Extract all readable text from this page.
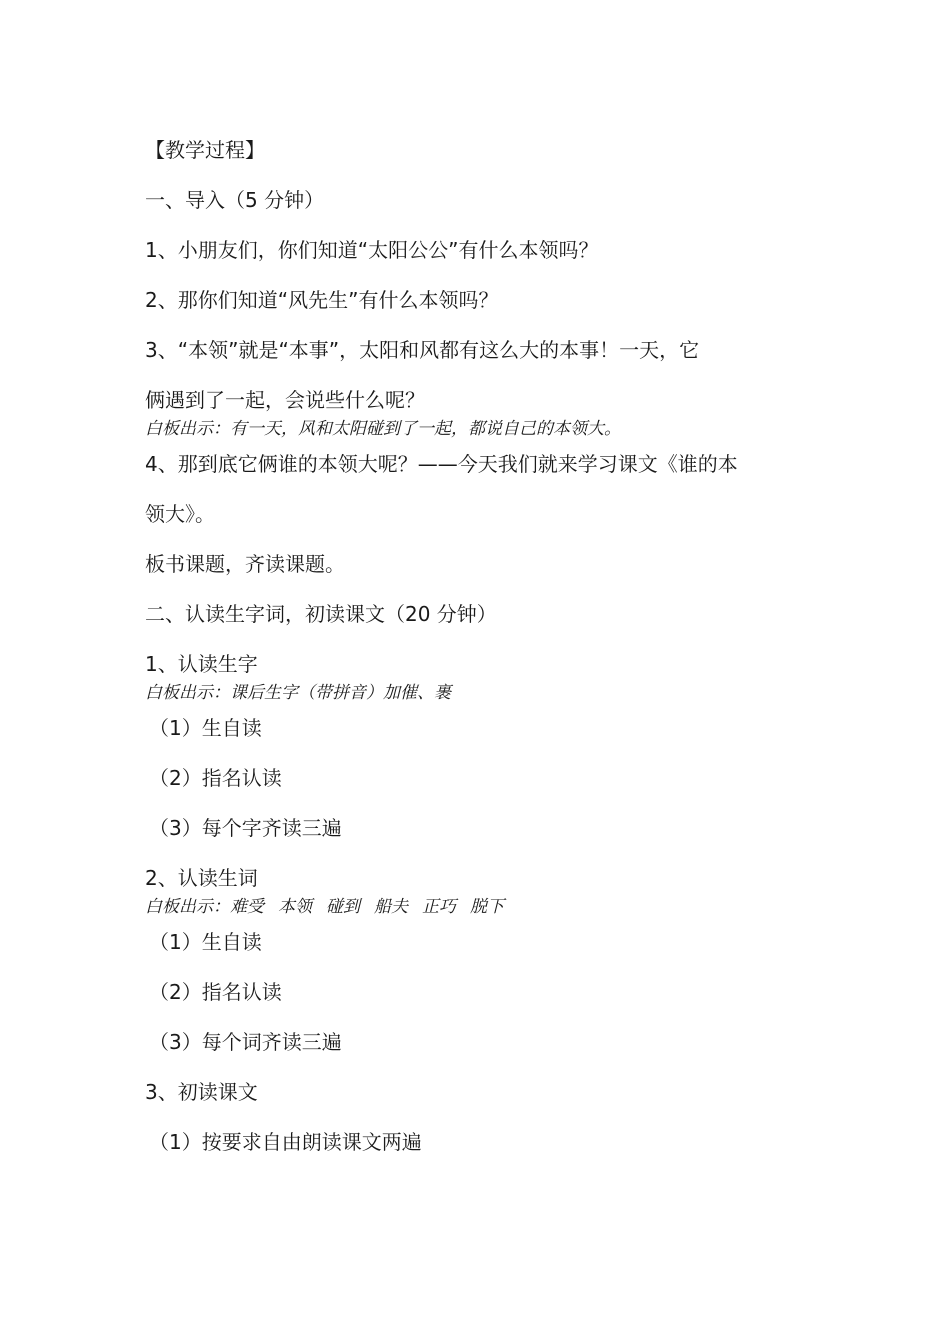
【教学过程】
一、导入（5 分钟）
1、小朋友们，你们知道“太阳公公”有什么本领吗？
2、那你们知道“风先生”有什么本领吗？
3、“本领”就是“本事”，太阳和风都有这么大的本事！一天，它
俩遇到了一起，会说些什么呢？
白板出示：有一天，风和太阳碰到了一起，都说自己的本领大。
4、那到底它俩谁的本领大呢？——今天我们就来学习课文《谁的本
领大》。
板书课题，齐读课题。
二、认读生字词，初读课文（20 分钟）
1、认读生字
白板出示：课后生字（带拼音）加催、裹
（1）生自读
（2）指名认读
（3）每个字齐读三遍
2、认读生词
白板出示：难受 本领 碰到 船夫 正巧 脱下
（1）生自读
（2）指名认读
（3）每个词齐读三遍
3、初读课文
（1）按要求自由朗读课文两遍
